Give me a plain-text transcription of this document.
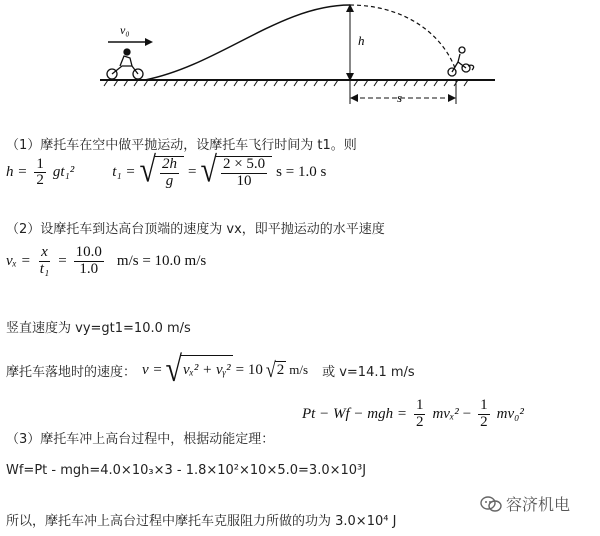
v₀
h
s
（1）摩托车在空中做平抛运动，设摩托车飞行时间为 t1。则
$h = \frac{1}{2} gt_1^2$	t₁ = √ $\frac{2h}{g}$ = √ $\frac{2 \times 5.0}{10}$ s = 1.0 s
（2）设摩托车到达高台顶端的速度为 vx，即平抛运动的水平速度
$v_x = \frac{x}{\text{t₁}} = \frac{10.0}{1.0} m/s = 10.0$ m/s
竖直速度为 vy=gt1=10.0 m/s
摩托车落地时的速度： v = √ vₓ² + vᵧ² = 10 √ 2 m/s 或 v=14.1 m/s
Pt − Wf − mgh = $\frac{1}{2} mv_x^2 - \frac{1}{2} mv_0^2$
（3）摩托车冲上高台过程中，根据动能定理：
Wf=Pt - mgh=4.0×10₃×3 - 1.8×10²×10×5.0=3.0×10³J
容济机电
所以，摩托车冲上高台过程中摩托车克服阻力所做的功为 3.0×10⁴ J
